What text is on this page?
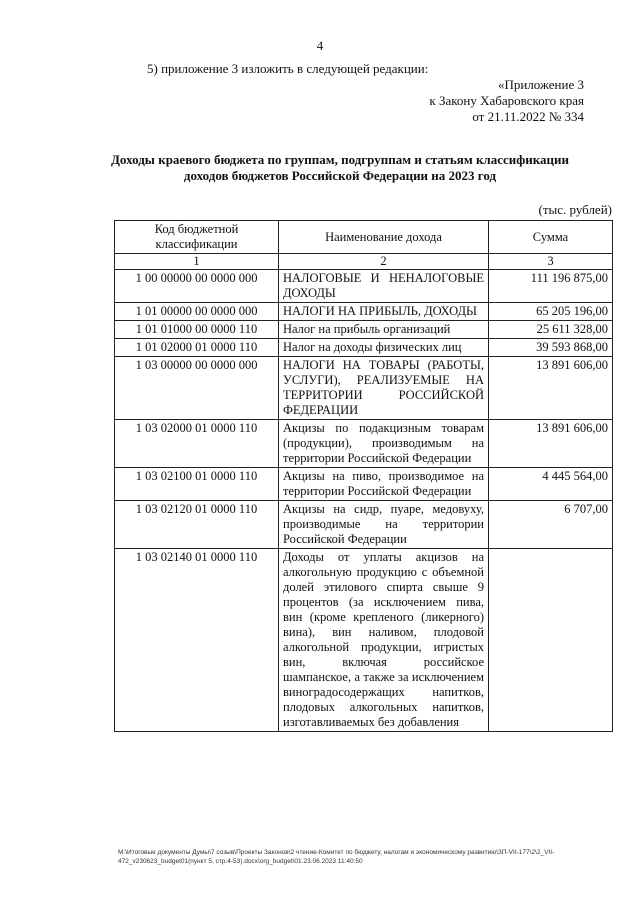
4
5) приложение 3 изложить в следующей редакции:
«Приложение 3
к Закону Хабаровского края
от 21.11.2022 № 334
Доходы краевого бюджета по группам, подгруппам и статьям классификации
доходов бюджетов Российской Федерации на 2023 год
(тыс. рублей)
Код бюджетной классификации	Наименование дохода	Сумма
1	2	3
1 00 00000 00 0000 000	НАЛОГОВЫЕ И НЕНАЛОГОВЫЕ ДОХОДЫ	111 196 875,00
1 01 00000 00 0000 000	НАЛОГИ НА ПРИБЫЛЬ, ДОХОДЫ	65 205 196,00
1 01 01000 00 0000 110	Налог на прибыль организаций	25 611 328,00
1 01 02000 01 0000 110	Налог на доходы физических лиц	39 593 868,00
1 03 00000 00 0000 000	НАЛОГИ НА ТОВАРЫ (РАБОТЫ, УСЛУГИ), РЕАЛИЗУЕМЫЕ НА ТЕРРИТОРИИ РОССИЙСКОЙ ФЕДЕРАЦИИ	13 891 606,00
1 03 02000 01 0000 110	Акцизы по подакцизным товарам (продукции), производимым на территории Российской Федерации	13 891 606,00
1 03 02100 01 0000 110	Акцизы на пиво, производимое на территории Российской Федерации	4 445 564,00
1 03 02120 01 0000 110	Акцизы на сидр, пуаре, медовуху, производимые на территории Российской Федерации	6 707,00
1 03 02140 01 0000 110	Доходы от уплаты акцизов на алкогольную продукцию с объемной долей этилового спирта свыше 9 процентов (за исключением пива, вин (кроме крепленого (ликерного) вина), вин наливом, плодовой алкогольной продукции, игристых вин, включая российское шампанское, а также за исключением виноградосодержащих напитков, плодовых алкогольных напитков, изготавливаемых без добавления	
M:\Итоговые документы Думы\7 созыв\Проекты Законов\2 чтение-Комитет по бюджету, налогам и экономическому развитию\ЗП-VII-177\2\2_VII-472_v230623_budget01(пункт 5, стр.4-53).docx\org_budget\01.23.06.2023 11:40:50
